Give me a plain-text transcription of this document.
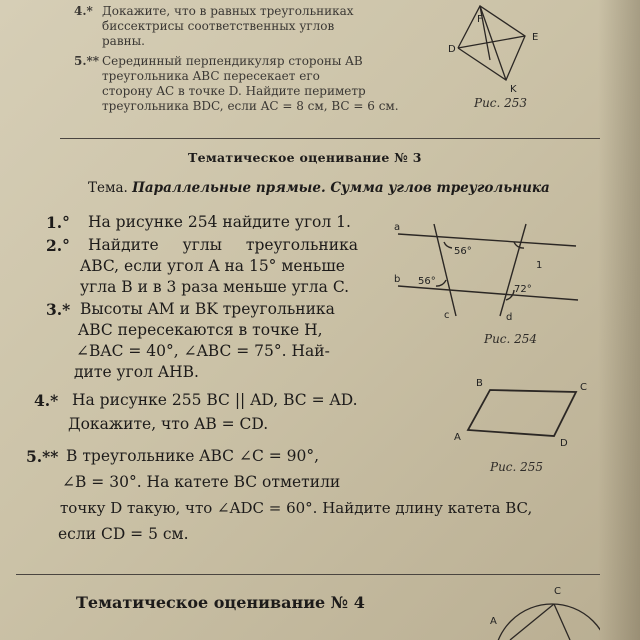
D
E
K
F
Рис. 253
4.* Докажите, что в равных треугольниках
биссектрисы соответственных углов
равны.
5.** Серединный перпендикуляр стороны AB
треугольника ABC пересекает его
сторону AC в точке D. Найдите периметр
треугольника BDC, если AC = 8 см, BC = 6 см.
Тематическое оценивание № 3
Тема. Параллельные прямые. Сумма углов треугольника
1.° На рисунке 254 найдите угол 1.
2.° Найдите углы треугольника
ABC, если угол A на 15° меньше
угла B и в 3 раза меньше угла C.
3.* Высоты AM и BK треугольника
ABC пересекаются в точке H,
∠BAC = 40°, ∠ABC = 75°. Най-
дите угол AHB.
4.* На рисунке 255 BC || AD, BC = AD.
Докажите, что AB = CD.
5.** В треугольнике ABC ∠C = 90°,
∠B = 30°. На катете BC отметили
точку D такую, что ∠ADC = 60°. Найдите длину катета BC,
если CD = 5 см.
a
b
c	d
1
56°
56°
72°
Рис. 254
B	C
A
D
Рис. 255
Тематическое оценивание № 4
C
A
